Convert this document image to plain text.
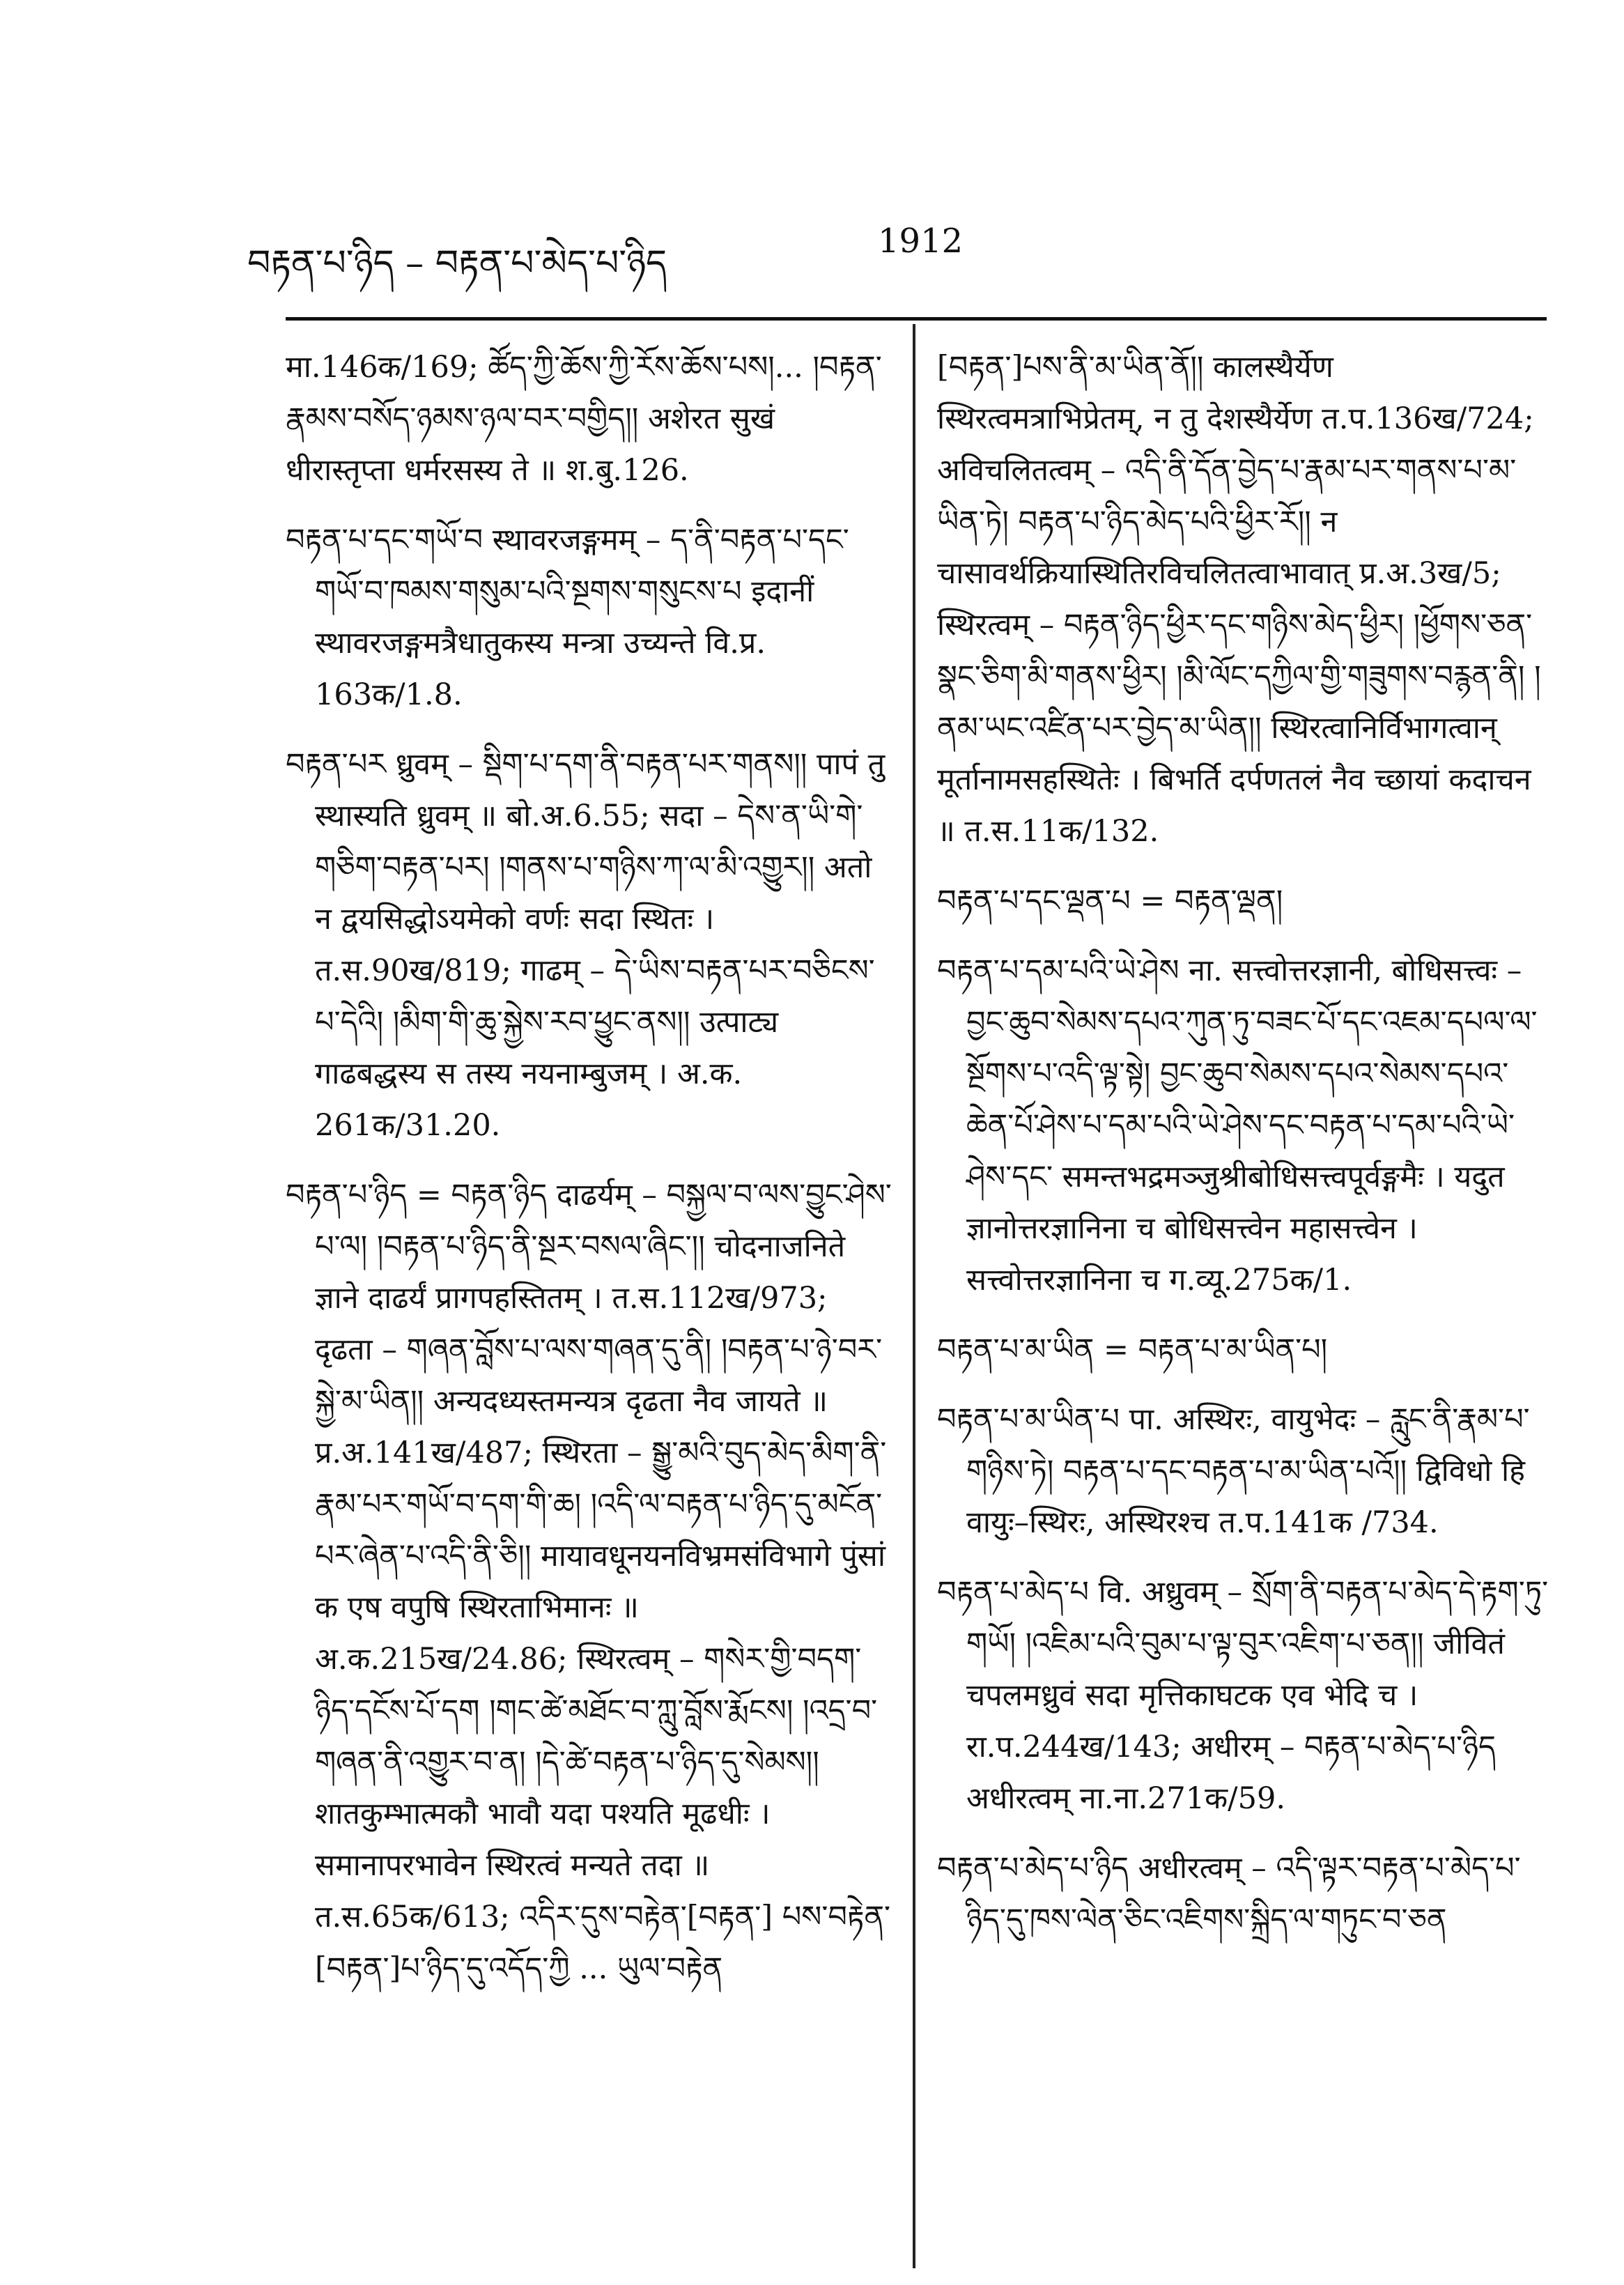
བརྟན་པ་ཉིད – བརྟན་པ་མེད་པ་ཉིད
1912

मा.146क/169; ཚོད་ཀྱི་ཆོས་ཀྱི་རོས་ཆོས་པས།... །བརྟན་རྣམས་བསོད་ཉམས་ཉལ་བར་བགྱིད།། अशेरत सुखं धीरास्तृप्ता धर्मरसस्य ते ॥ श.बु.126.

བརྟན་པ་དང་གཡོ་བ स्थावरजङ्गमम् – ད་ནི་བརྟན་པ་དང་གཡོ་བ་ཁམས་གསུམ་པའི་སྔགས་གསུངས་པ इदानीं स्थावरजङ्गमत्रैधातुकस्य मन्त्रा उच्यन्ते वि.प्र. 163क/1.8.

བརྟན་པར ध्रुवम् – སྡིག་པ་དག་ནི་བརྟན་པར་གནས།། पापं तु स्थास्यति ध्रुवम् ॥ बो.अ.6.55; सदा – དེས་ན་ཡི་གེ་གཅིག་བརྟན་པར། །གནས་པ་གཉིས་ཀ་ལ་མི་འགྱུར།། अतो न द्वयसिद्धोऽयमेको वर्णः सदा स्थितः । त.स.90ख/819; गाढम् – དེ་ཡིས་བརྟན་པར་བཅིངས་པ་དེའི། །མིག་གི་ཆུ་སྐྱེས་རབ་ཕྱུང་ནས།། उत्पाट्य गाढबद्धस्य स तस्य नयनाम्बुजम् । अ.क. 261क/31.20.

བརྟན་པ་ཉིད = བརྟན་ཉིད दाढर्यम् – བསྐྱལ་བ་ལས་བྱུང་ཤེས་པ་ལ། །བརྟན་པ་ཉིད་ནི་སྔར་བསལ་ཞིང་།། चोदनाजनिते ज्ञाने दाढर्यं प्रागपहस्तितम् । त.स.112ख/973; दृढता – གཞན་བློས་པ་ལས་གཞན་དུ་ནི། །བརྟན་པ་ཉེ་བར་སྐྱེ་མ་ཡིན།། अन्यदध्यस्तमन्यत्र दृढता नैव जायते ॥ प्र.अ.141ख/487; स्थिरता – སྒྱུ་མའི་བུད་མེད་མིག་ནི་རྣམ་པར་གཡོ་བ་དག་གི་ཆ། །འདི་ལ་བརྟན་པ་ཉིད་དུ་མངོན་པར་ཞེན་པ་འདི་ནི་ཅི།། मायावधूनयनविभ्रमसंविभागे पुंसां क एष वपुषि स्थिरताभिमानः ॥ अ.क.215ख/24.86; स्थिरत्वम् – གསེར་གྱི་བདག་ཉིད་དངོས་པོ་དག །གང་ཚེ་མཐོང་བ་ཀླུ་བློས་རྨོངས། །འདྲ་བ་གཞན་ནི་འགྱུར་བ་ན། །དེ་ཚེ་བརྟན་པ་ཉིད་དུ་སེམས།། शातकुम्भात्मकौ भावौ यदा पश्यति मूढधीः । समानापरभावेन स्थिरत्वं मन्यते तदा ॥ त.स.65क/613; འདིར་དུས་བརྟེན་[བརྟན་] པས་བརྟེན་[བརྟན་]པ་ཉིད་དུ་འདོད་ཀྱི ... ཡུལ་བརྟེན

[བརྟན་]པས་ནི་མ་ཡིན་ནོ།། कालस्थैर्येण स्थिरत्वमत्राभिप्रेतम्, न तु देशस्थैर्येण त.प.136ख/724; अविचलितत्वम् – འདི་ནི་དོན་བྱེད་པ་རྣམ་པར་གནས་པ་མ་ཡིན་ཏེ། བརྟན་པ་ཉིད་མེད་པའི་ཕྱིར་རོ།། न चासावर्थक्रियास्थितिरविचलितत्वाभावात् प्र.अ.3ख/5; स्थिरत्वम् – བརྟན་ཉིད་ཕྱིར་དང་གཉིས་མེད་ཕྱིར། །ཕྱོགས་ཅན་སྣང་ཅིག་མི་གནས་ཕྱིར། །མི་ལོང་དཀྱིལ་གྱི་གཟུགས་བརྙན་ནི། །ནམ་ཡང་འཛིན་པར་བྱེད་མ་ཡིན།། स्थिरत्वानिर्विभागत्वान् मूर्तानामसहस्थितेः । बिभर्ति दर्पणतलं नैव च्छायां कदाचन ॥ त.स.11क/132.

བརྟན་པ་དང་ལྡན་པ = བརྟན་ལྡན།

བརྟན་པ་དམ་པའི་ཡེ་ཤེས ना. सत्त्वोत्तरज्ञानी, बोधिसत्त्वः – བྱང་ཆུབ་སེམས་དཔའ་ཀུན་ཏུ་བཟང་པོ་དང་འཇམ་དཔལ་ལ་སྔོགས་པ་འདི་ལྟ་སྟེ། བྱང་ཆུབ་སེམས་དཔའ་སེམས་དཔའ་ཆེན་པོ་ཤེས་པ་དམ་པའི་ཡེ་ཤེས་དང་བརྟན་པ་དམ་པའི་ཡེ་ཤེས་དང་ समन्तभद्रमञ्जुश्रीबोधिसत्त्वपूर्वङ्गमैः । यदुत ज्ञानोत्तरज्ञानिना च बोधिसत्त्वेन महासत्त्वेन । सत्त्वोत्तरज्ञानिना च ग.व्यू.275क/1.

བརྟན་པ་མ་ཡིན = བརྟན་པ་མ་ཡིན་པ།

བརྟན་པ་མ་ཡིན་པ पा. अस्थिरः, वायुभेदः – རླུང་ནི་རྣམ་པ་གཉིས་ཏེ། བརྟན་པ་དང་བརྟན་པ་མ་ཡིན་པའོ།། द्विविधो हि वायुः–स्थिरः, अस्थिरश्च त.प.141क /734.

བརྟན་པ་མེད་པ वि. अध्रुवम् – སྲོག་ནི་བརྟན་པ་མེད་དེ་རྟག་ཏུ་གཡོ། །འཇིམ་པའི་བུམ་པ་ལྟ་བུར་འཇིག་པ་ཅན།། जीवितं चपलमध्रुवं सदा मृत्तिकाघटक एव भेदि च । रा.प.244ख/143; अधीरम् – བརྟན་པ་མེད་པ་ཉིད अधीरत्वम् ना.ना.271क/59.

བརྟན་པ་མེད་པ་ཉིད अधीरत्वम् – འདི་ལྟར་བརྟན་པ་མེད་པ་ཉིད་དུ་ཁས་ལེན་ཅིང་འཇིགས་སྐྲིད་ལ་གཏུང་བ་ཅན
